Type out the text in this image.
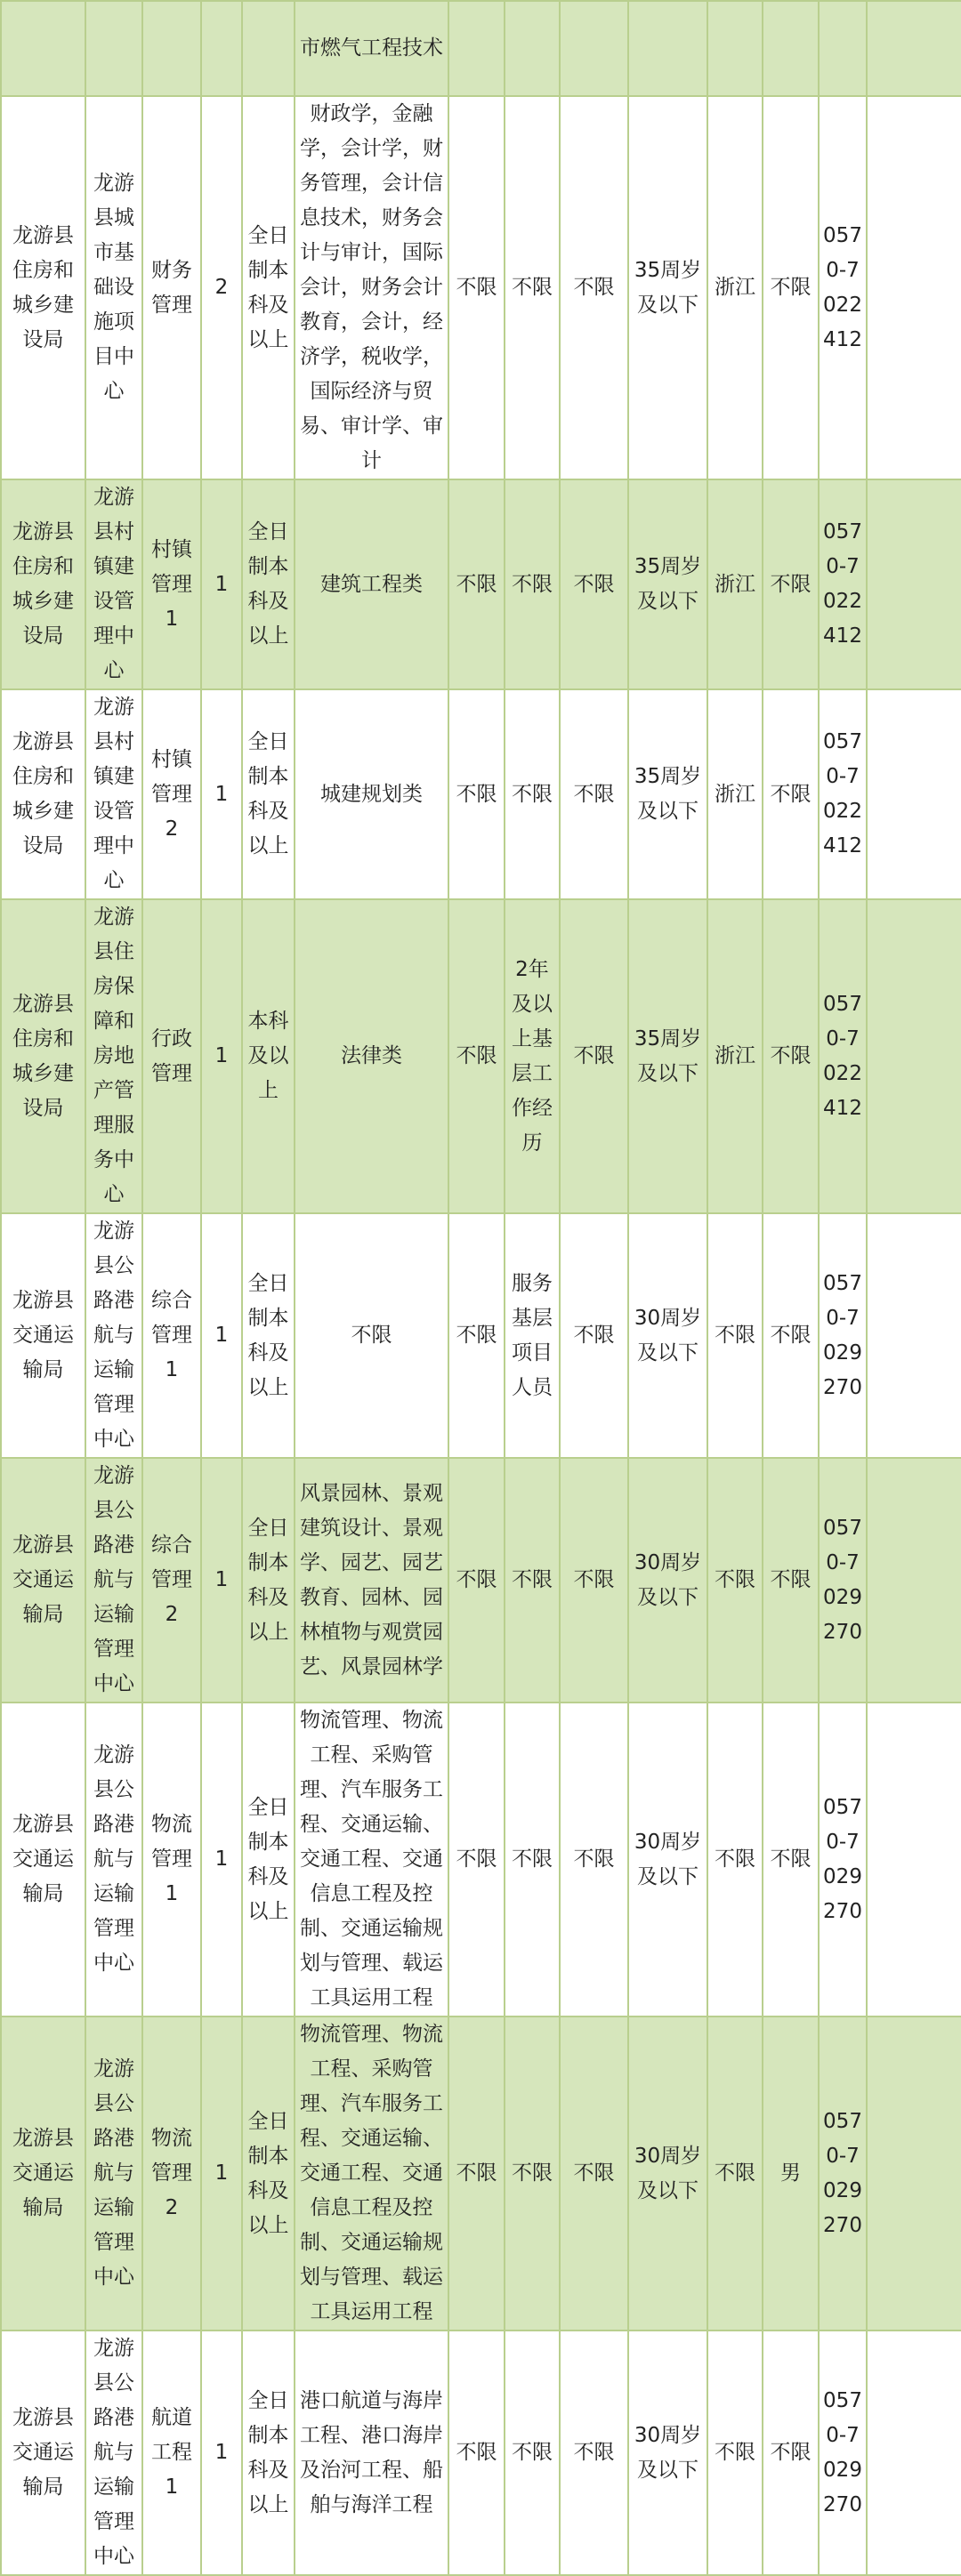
					市燃气工程技术								

龙游县住房和城乡建设局	龙游县城市基础设施项目中心	财务管理	2	全日制本科及以上	财政学，金融学，会计学，财务管理，会计信息技术，财务会计与审计，国际会计，财务会计教育，会计，经济学，税收学，国际经济与贸易、审计学、审计	不限	不限	不限	35周岁及以下	浙江	不限	0570-7022412	

龙游县住房和城乡建设局	龙游县村镇建设管理中心	村镇管理1	1	全日制本科及以上	建筑工程类	不限	不限	不限	35周岁及以下	浙江	不限	0570-7022412	

龙游县住房和城乡建设局	龙游县村镇建设管理中心	村镇管理2	1	全日制本科及以上	城建规划类	不限	不限	不限	35周岁及以下	浙江	不限	0570-7022412	

龙游县住房和城乡建设局	龙游县住房保障和房地产管理服务中心	行政管理	1	本科及以上	法律类	不限	2年及以上基层工作经历	不限	35周岁及以下	浙江	不限	0570-7022412	

龙游县交通运输局	龙游县公路港航与运输管理中心	综合管理1	1	全日制本科及以上	不限	不限	服务基层项目人员	不限	30周岁及以下	不限	不限	0570-7029270	

龙游县交通运输局	龙游县公路港航与运输管理中心	综合管理2	1	全日制本科及以上	风景园林、景观建筑设计、景观学、园艺、园艺教育、园林、园林植物与观赏园艺、风景园林学	不限	不限	不限	30周岁及以下	不限	不限	0570-7029270	

龙游县交通运输局	龙游县公路港航与运输管理中心	物流管理1	1	全日制本科及以上	物流管理、物流工程、采购管理、汽车服务工程、交通运输、交通工程、交通信息工程及控制、交通运输规划与管理、载运工具运用工程	不限	不限	不限	30周岁及以下	不限	不限	0570-7029270	

龙游县交通运输局	龙游县公路港航与运输管理中心	物流管理2	1	全日制本科及以上	物流管理、物流工程、采购管理、汽车服务工程、交通运输、交通工程、交通信息工程及控制、交通运输规划与管理、载运工具运用工程	不限	不限	不限	30周岁及以下	不限	男	0570-7029270	

龙游县交通运输局	龙游县公路港航与运输管理中心	航道工程1	1	全日制本科及以上	港口航道与海岸工程、港口海岸及治河工程、船舶与海洋工程	不限	不限	不限	30周岁及以下	不限	不限	0570-7029270	
